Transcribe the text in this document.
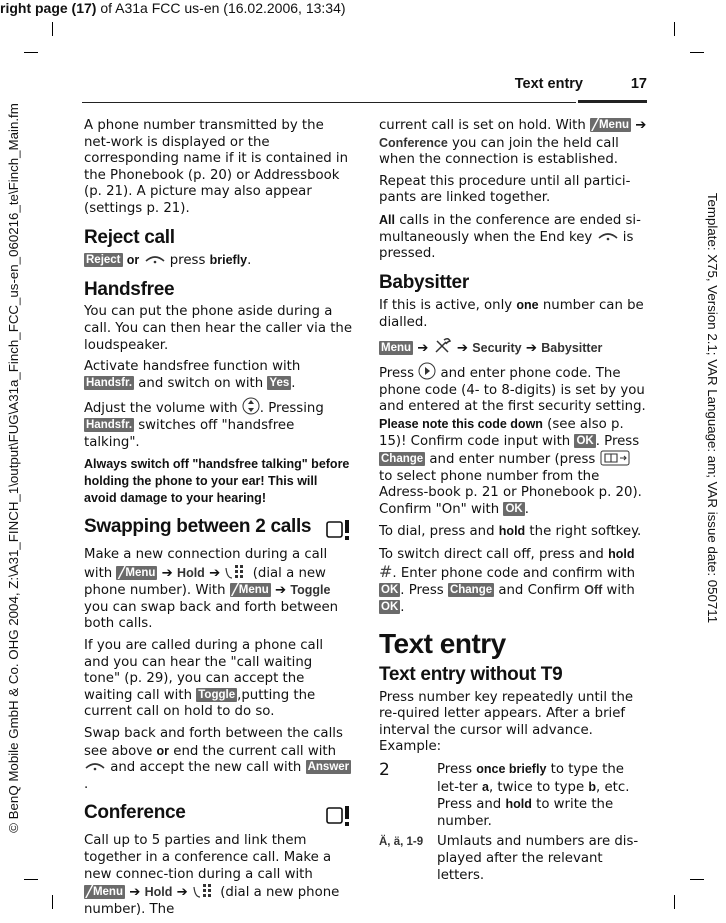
right page (17) of A31a FCC us-en (16.02.2006, 13:34)
© BenQ Mobile GmbH & Co. OHG 2004, Z:\A31_FINCH_1\output\FUG\A31a_Finch_FCC_us-en_060216_te\Finch_Main.fm	Template: X75, Version 2.1; VAR Language: am; VAR issue date: 050711
Text entry	17

A phone number transmitted by the net-work is displayed or the corresponding name if it is contained in the Phonebook (p. 20) or Addressbook (p. 21). A picture may also appear (settings p. 21).

Reject call

Reject or press briefly.

Handsfree

You can put the phone aside during a call. You can then hear the caller via the loudspeaker.

Activate handsfree function with Handsfr. and switch on with Yes .

Adjust the volume with . Pressing Handsfr. switches off "handsfree talking".

Always switch off "handsfree talking" before holding the phone to your ear! This will avoid damage to your hearing!

Swapping between 2 calls

Make a new connection during a call with ╱Menu ➔ Hold ➔ (dial a new phone number). With ╱Menu ➔ Toggle you can swap back and forth between both calls.

If you are called during a phone call and you can hear the "call waiting tone" (p. 29), you can accept the waiting call with Toggle ,putting the current call on hold to do so.

Swap back and forth between the calls see above or end the current call with  and accept the new call with Answer.

Conference

Call up to 5 parties and link them together in a conference call. Make a new connec-tion during a call with ╱Menu ➔ Hold ➔ (dial a new phone number). The

current call is set on hold. With ╱Menu ➔ Conference you can join the held call when the connection is established.

Repeat this procedure until all partici-pants are linked together.

All calls in the conference are ended si-multaneously when the End key is pressed.

Babysitter

If this is active, only one number can be dialled.

Menu ➔ ➔ Security ➔ Babysitter

Press and enter phone code. The phone code (4- to 8-digits) is set by you and entered at the first security setting. Please note this code down (see also p. 15)! Confirm code input with OK . Press Change and enter number (press  to select phone number from the Adress-book p. 21 or Phonebook p. 20). Confirm "On" with OK .

To dial, press and hold the right softkey.

To switch direct call off, press and hold #. Enter phone code and confirm with OK . Press Change and Confirm Off with OK .

Text entry
Text entry without T9

Press number key repeatedly until the re-quired letter appears. After a brief interval the cursor will advance. Example:

2	Press once briefly to type the let-ter a, twice to type b, etc. Press and hold to write the number.
Ä, ä, 1-9	Umlauts and numbers are dis-played after the relevant letters.
